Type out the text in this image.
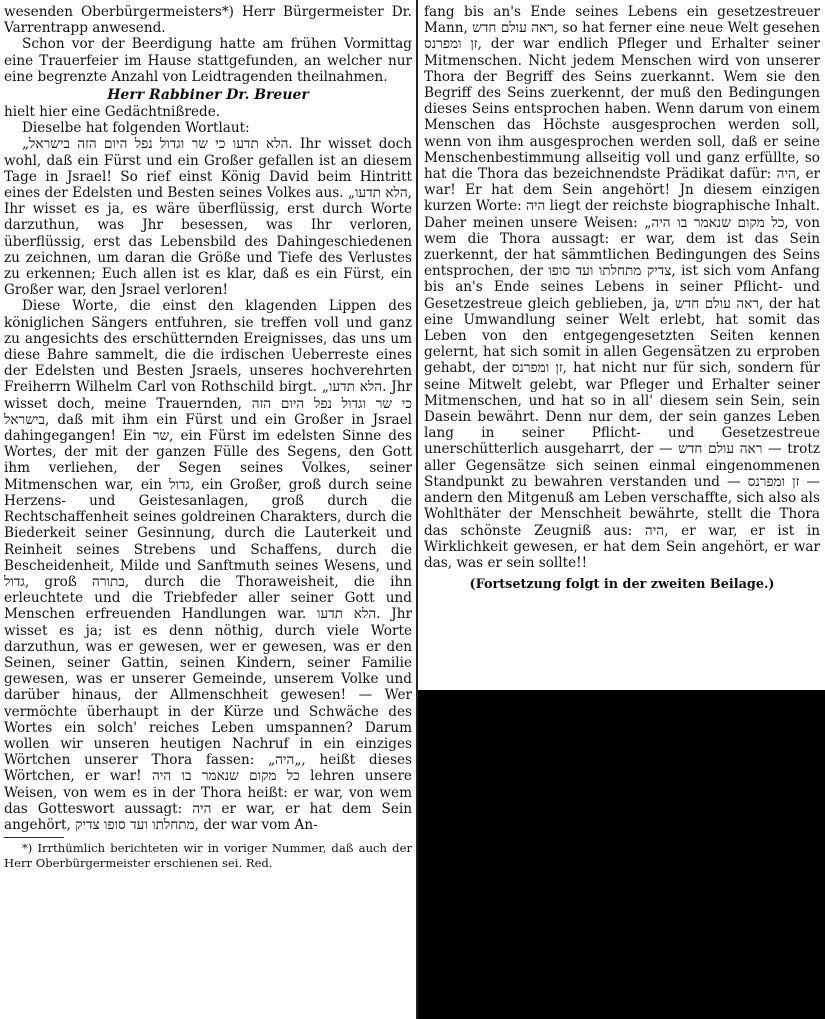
wesenden Oberbürgermeisters*) Herr Bürgermeister Dr. Varrentrapp anwesend.

Schon vor der Beerdigung hatte am frühen Vormittag eine Trauerfeier im Hause stattgefunden, an welcher nur eine begrenzte Anzahl von Leidtragenden theilnahmen.

Herr Rabbiner Dr. Breuer

hielt hier eine Gedächtnißrede.

Dieselbe hat folgenden Wortlaut:

„הלא תדעו כי שר וגדול נפל היום הזה בישראל. Ihr wisset doch wohl, daß ein Fürst und ein Großer gefallen ist an diesem Tage in Jsrael! So rief einst König David beim Hintritt eines der Edelsten und Besten seines Volkes aus. „הלא תדעו, Ihr wisset es ja, es wäre überflüssig, erst durch Worte darzuthun, was Jhr besessen, was Ihr verloren, überflüssig, erst das Lebensbild des Dahingeschiedenen zu zeichnen, um daran die Größe und Tiefe des Verlustes zu erkennen; Euch allen ist es klar, daß es ein Fürst, ein Großer war, den Jsrael verloren!

Diese Worte, die einst den klagenden Lippen des königlichen Sängers entfuhren, sie treffen voll und ganz zu angesichts des erschütternden Ereignisses, das uns um diese Bahre sammelt, die die irdischen Ueberreste eines der Edelsten und Besten Jsraels, unseres hochverehrten Freiherrn Wilhelm Carl von Rothschild birgt. „הלא תדעו. Jhr wisset doch, meine Trauernden, כי שר וגדול נפל היום הזה בישראל, daß mit ihm ein Fürst und ein Großer in Jsrael dahingegangen! Ein שר, ein Fürst im edelsten Sinne des Wortes, der mit der ganzen Fülle des Segens, den Gott ihm verliehen, der Segen seines Volkes, seiner Mitmenschen war, ein גדול, ein Großer, groß durch seine Herzens- und Geistesanlagen, groß durch die Rechtschaffenheit seines goldreinen Charakters, durch die Biederkeit seiner Gesinnung, durch die Lauterkeit und Reinheit seines Strebens und Schaffens, durch die Bescheidenheit, Milde und Sanftmuth seines Wesens, und גדול, groß בתורה, durch die Thoraweisheit, die ihn erleuchtete und die Triebfeder aller seiner Gott und Menschen erfreuenden Handlungen war. הלא תדעו. Jhr wisset es ja; ist es denn nöthig, durch viele Worte darzuthun, was er gewesen, wer er gewesen, was er den Seinen, seiner Gattin, seinen Kindern, seiner Familie gewesen, was er unserer Gemeinde, unserem Volke und darüber hinaus, der Allmenschheit gewesen! — Wer vermöchte überhaupt in der Kürze und Schwäche des Wortes ein solch' reiches Leben umspannen? Darum wollen wir unseren heutigen Nachruf in ein einziges Wörtchen unserer Thora fassen: „היה„, heißt dieses Wörtchen, er war! כל מקום שנאמר בו היה lehren unsere Weisen, von wem es in der Thora heißt: er war, von wem das Gotteswort aussagt: היה er war, er hat dem Sein angehört, מתחלתו ועד סופו צדיק, der war vom An-

*) Irrthümlich berichteten wir in voriger Nummer, daß auch der Herr Oberbürgermeister erschienen sei. Red.

fang bis an's Ende seines Lebens ein gesetzestreuer Mann, ראה עולם חדש, so hat ferner eine neue Welt gesehen זן ומפרנס, der war endlich Pfleger und Erhalter seiner Mitmenschen. Nicht jedem Menschen wird von unserer Thora der Begriff des Seins zuerkannt. Wem sie den Begriff des Seins zuerkennt, der muß den Bedingungen dieses Seins entsprochen haben. Wenn darum von einem Menschen das Höchste ausgesprochen werden soll, wenn von ihm ausgesprochen werden soll, daß er seine Menschenbestimmung allseitig voll und ganz erfüllte, so hat die Thora das bezeichnendste Prädikat dafür: היה, er war! Er hat dem Sein angehört! Jn diesem einzigen kurzen Worte: היה liegt der reichste biographische Inhalt. Daher meinen unsere Weisen: „כל מקום שנאמר בו היה, von wem die Thora aussagt: er war, dem ist das Sein zuerkennt, der hat sämmtlichen Bedingungen des Seins entsprochen, der צדיק מתחלתו ועד סופו, ist sich vom Anfang bis an's Ende seines Lebens in seiner Pflicht- und Gesetzestreue gleich geblieben, ja, ראה עולם חדש, der hat eine Umwandlung seiner Welt erlebt, hat somit das Leben von den entgegengesetzten Seiten kennen gelernt, hat sich somit in allen Gegensätzen zu erproben gehabt, der זן ומפרנס, hat nicht nur für sich, sondern für seine Mitwelt gelebt, war Pfleger und Erhalter seiner Mitmenschen, und hat so in all' diesem sein Sein, sein Dasein bewährt. Denn nur dem, der sein ganzes Leben lang in seiner Pflicht- und Gesetzestreue unerschütterlich ausgeharrt, der — ראה עולם חדש — trotz aller Gegensätze sich seinen einmal eingenommenen Standpunkt zu bewahren verstanden und — זן ומפרנס — andern den Mitgenuß am Leben verschaffte, sich also als Wohlthäter der Menschheit bewährte, stellt die Thora das schönste Zeugniß aus: היה, er war, er ist in Wirklichkeit gewesen, er hat dem Sein angehört, er war das, was er sein sollte!!

(Fortsetzung folgt in der zweiten Beilage.)
